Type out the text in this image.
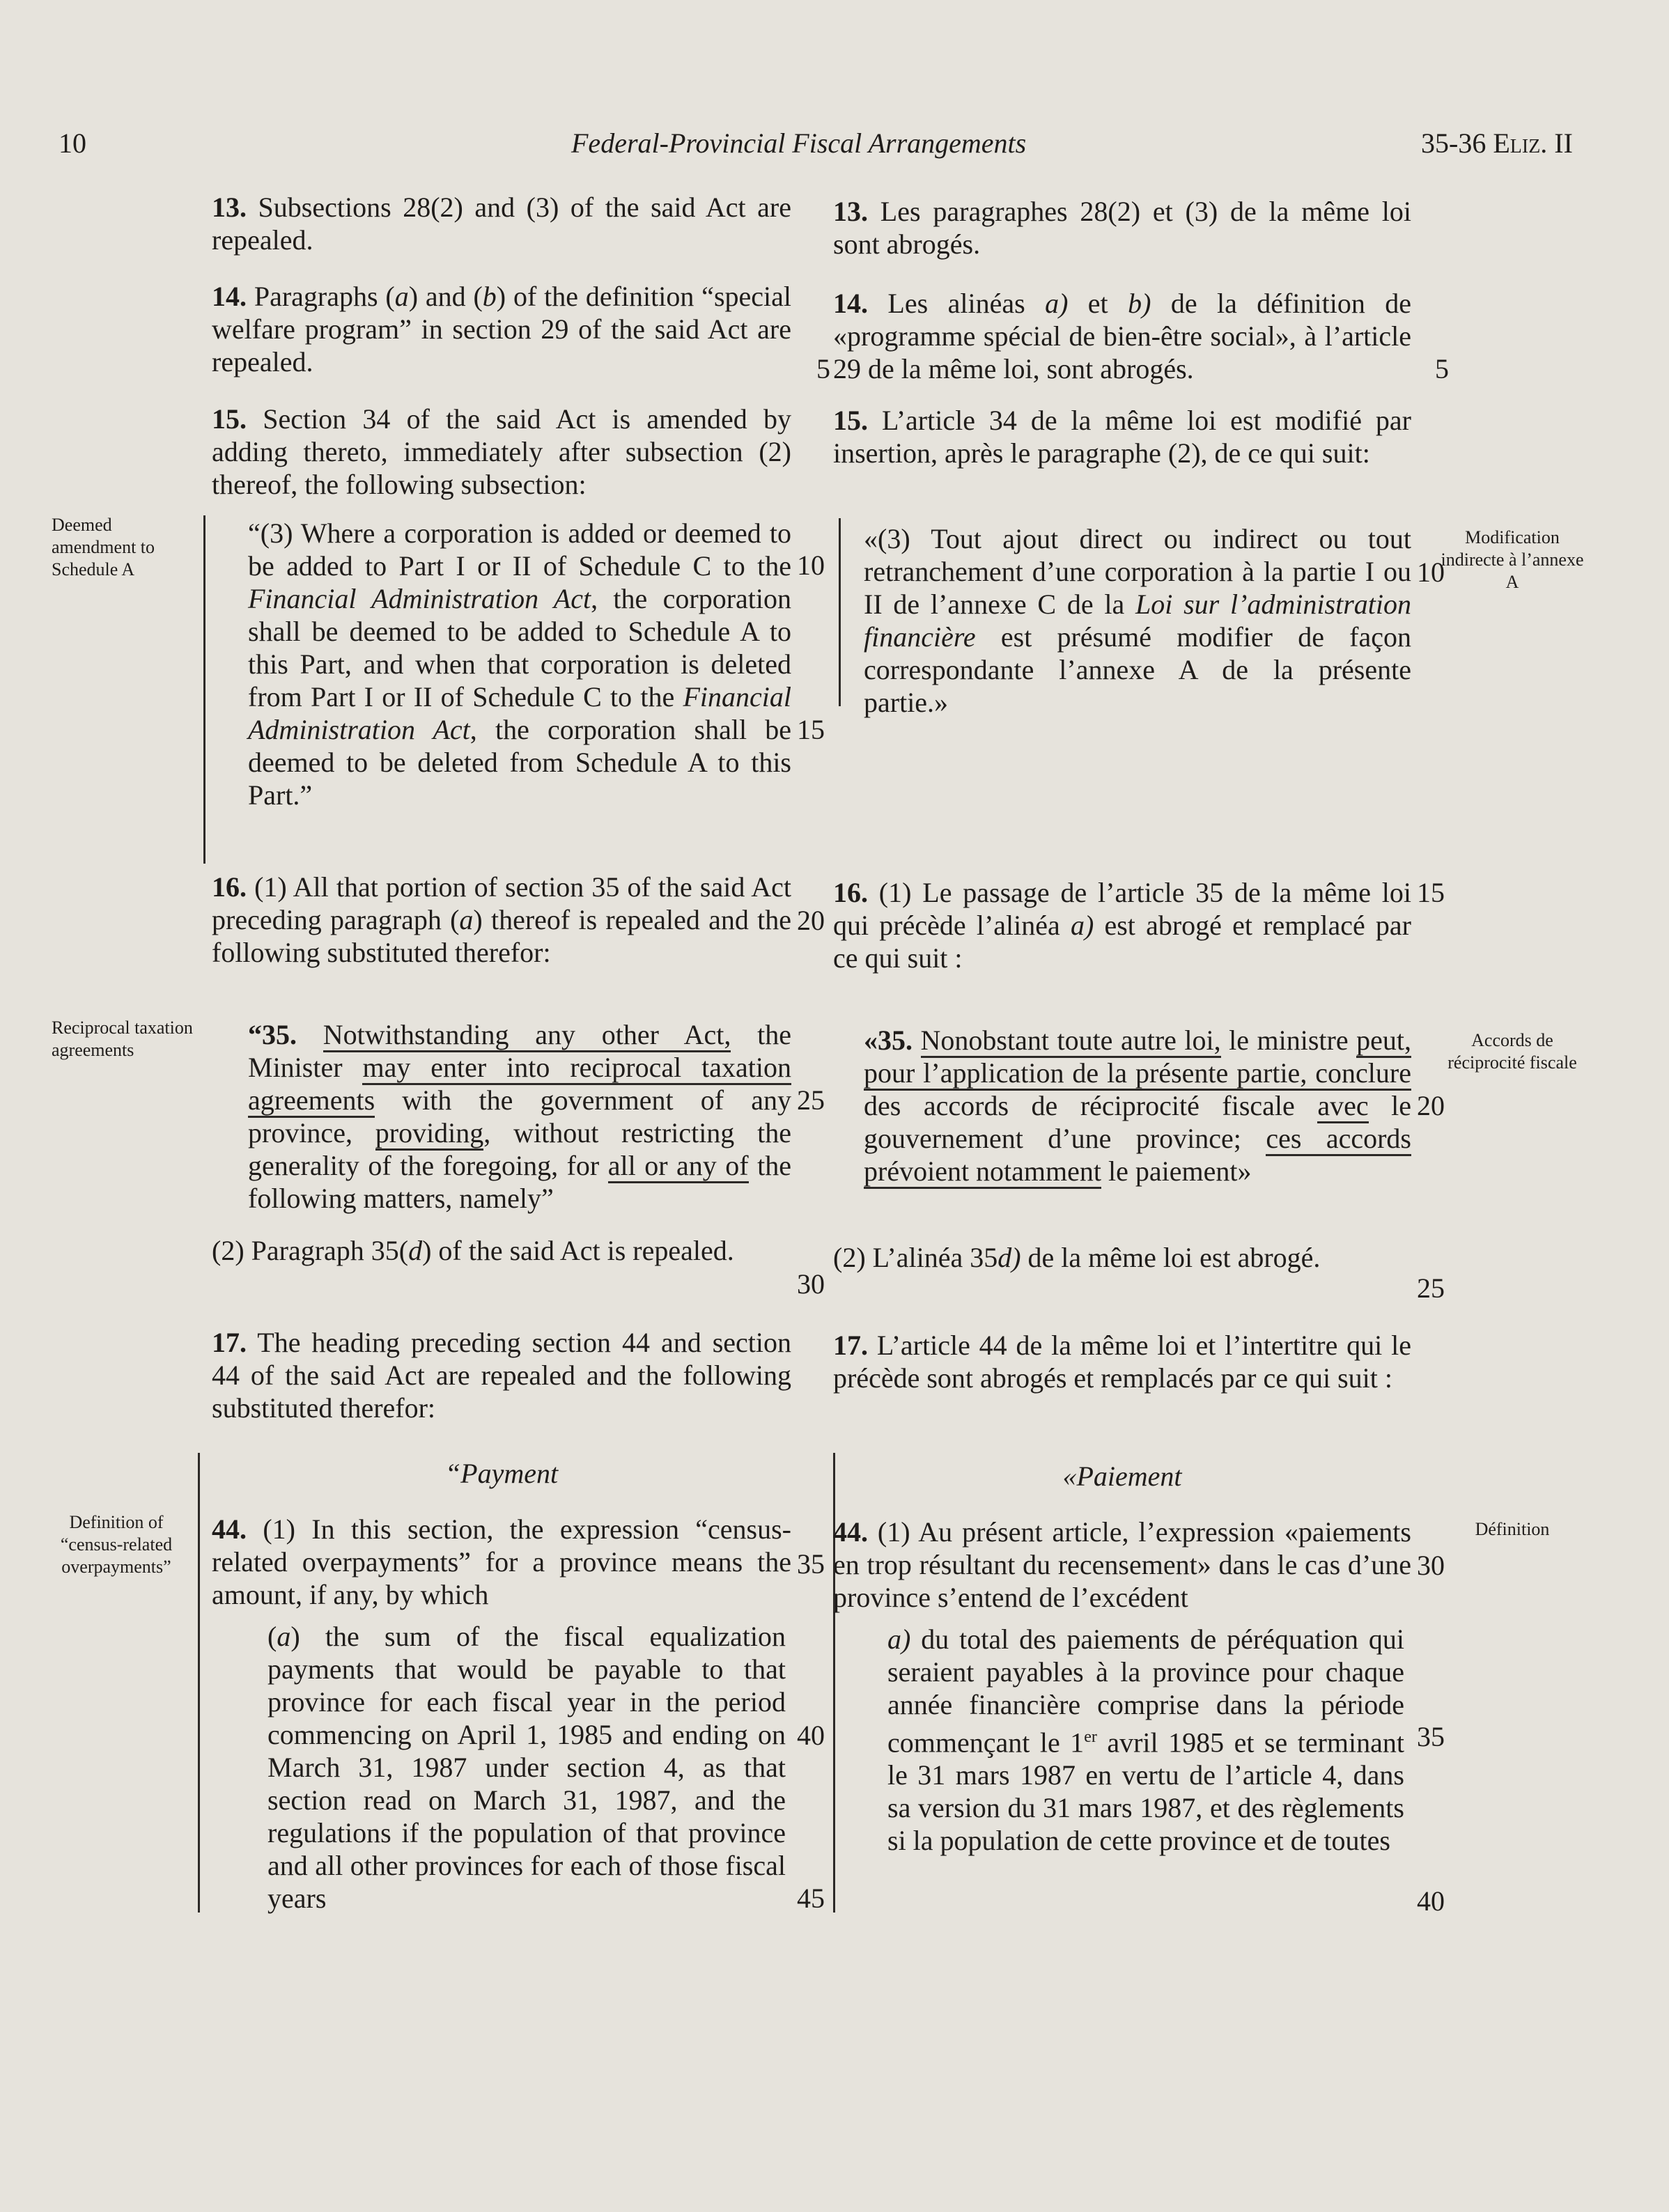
10	Federal-Provincial Fiscal Arrangements	35-36 Eliz. II

13. Subsections 28(2) and (3) of the said Act are repealed.

13. Les paragraphes 28(2) et (3) de la même loi sont abrogés.

14. Paragraphs (a) and (b) of the definition “special welfare program” in section 29 of the said Act are repealed.

14. Les alinéas a) et b) de la définition de «programme spécial de bien-être social», à l’article 29 de la même loi, sont abrogés.

15. Section 34 of the said Act is amended by adding thereto, immediately after subsection (2) thereof, the following subsection:

15. L’article 34 de la même loi est modifié par insertion, après le paragraphe (2), de ce qui suit:

Deemed amendment to Schedule A

“(3) Where a corporation is added or deemed to be added to Part I or II of Schedule C to the Financial Administration Act, the corporation shall be deemed to be added to Schedule A to this Part, and when that corporation is deleted from Part I or II of Schedule C to the Financial Administration Act, the corporation shall be deemed to be deleted from Schedule A to this Part.”

«(3) Tout ajout direct ou indirect ou tout retranchement d’une corporation à la partie I ou II de l’annexe C de la Loi sur l’administration financière est présumé modifier de façon correspondante l’annexe A de la présente partie.»

Modification indirecte à l’annexe A

16. (1) All that portion of section 35 of the said Act preceding paragraph (a) thereof is repealed and the following substituted therefor:

16. (1) Le passage de l’article 35 de la même loi qui précède l’alinéa a) est abrogé et remplacé par ce qui suit :

Reciprocal taxation agreements	“35. Notwithstanding any other Act, the Minister may enter into reciprocal taxation agreements with the government of any province, providing, without restricting the generality of the foregoing, for all or any of the following matters, namely”

«35. Nonobstant toute autre loi, le ministre peut, pour l’application de la présente partie, conclure des accords de réciprocité fiscale avec le gouvernement d’une province; ces accords prévoient notamment le paiement»

Accords de réciprocité fiscale

(2) Paragraph 35(d) of the said Act is repealed.	(2) L’alinéa 35d) de la même loi est abrogé.

17. The heading preceding section 44 and section 44 of the said Act are repealed and the following substituted therefor:

17. L’article 44 de la même loi et l’intertitre qui le précède sont abrogés et remplacés par ce qui suit :

“Payment	«Paiement

Definition of “census-related overpayments”

44. (1) In this section, the expression “census-related overpayments” for a province means the amount, if any, by which

44. (1) Au présent article, l’expression «paiements en trop résultant du recensement» dans le cas d’une province s’entend de l’excédent

Définition

(a) the sum of the fiscal equalization payments that would be payable to that province for each fiscal year in the period commencing on April 1, 1985 and ending on March 31, 1987 under section 4, as that section read on March 31, 1987, and the regulations if the population of that province and all other provinces for each of those fiscal years

a) du total des paiements de péréquation qui seraient payables à la province pour chaque année financière comprise dans la période commençant le 1er avril 1985 et se terminant le 31 mars 1987 en vertu de l’article 4, dans sa version du 31 mars 1987, et des règlements si la population de cette province et de toutes

10
15
20
25
30
35
40
45
5	5
10
15
20
25
30
35
40
